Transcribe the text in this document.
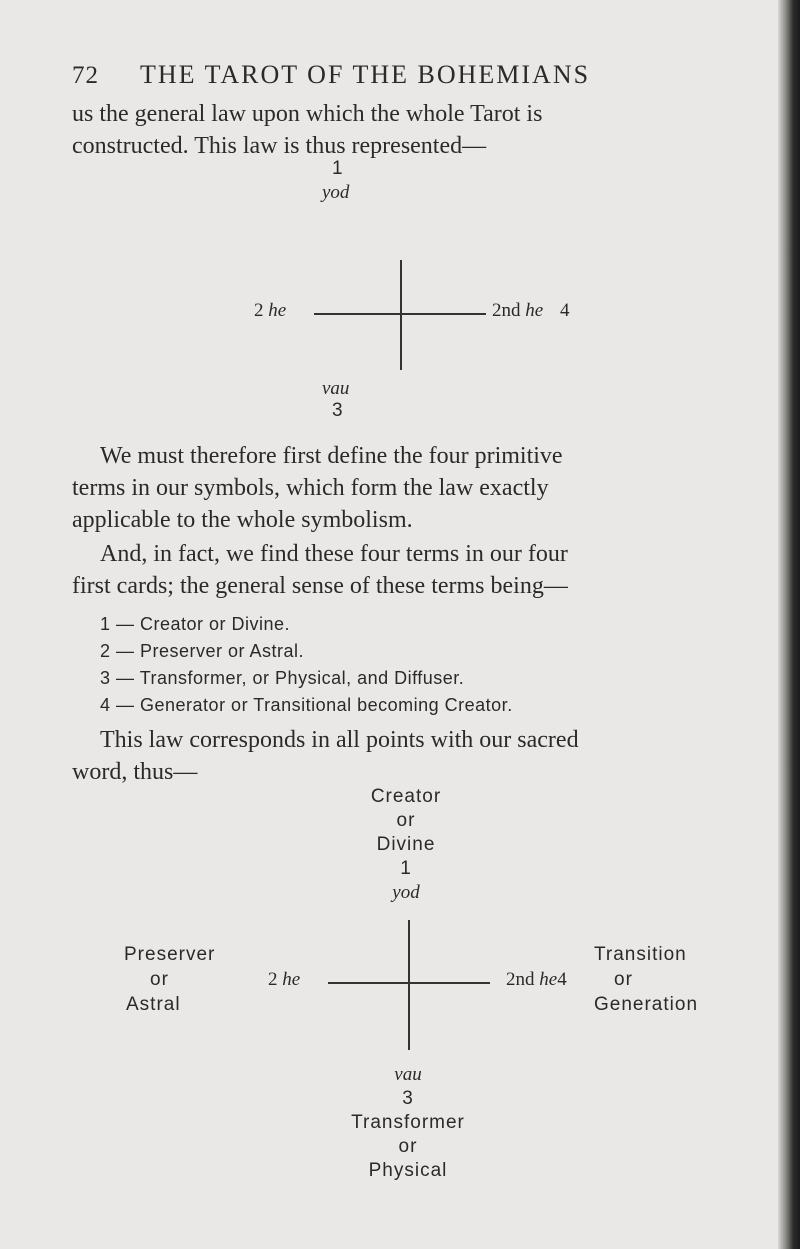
72 THE TAROT OF THE BOHEMIANS
us the general law upon which the whole Tarot is
constructed. This law is thus represented—
1
yod
2 he	2nd he 4
vau
3
We must therefore first define the four primitive
terms in our symbols, which form the law exactly
applicable to the whole symbolism.
And, in fact, we find these four terms in our four
first cards; the general sense of these terms being—
1 — Creator or Divine.
2 — Preserver or Astral.
3 — Transformer, or Physical, and Diffuser.
4 — Generator or Transitional becoming Creator.
This law corresponds in all points with our sacred
word, thus—
Creator
or
Divine
1
yod
Preserver
or
Astral
2 he	2nd he4
Transition
or
Generation
vau
3
Transformer
or
Physical
